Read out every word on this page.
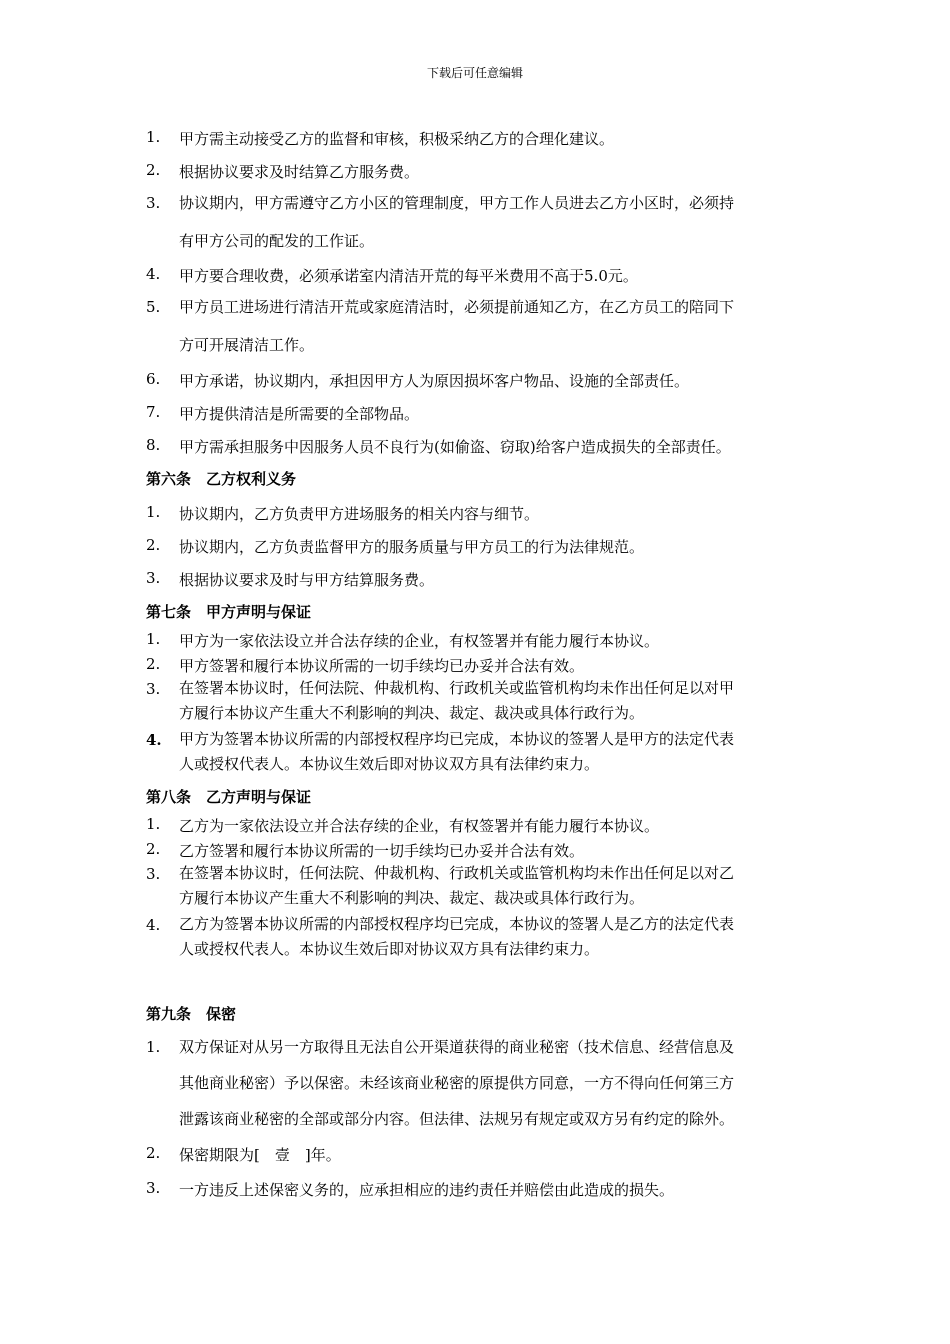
下载后可任意编辑
1. 甲方需主动接受乙方的监督和审核，积极采纳乙方的合理化建议。
2. 根据协议要求及时结算乙方服务费。
3. 协议期内，甲方需遵守乙方小区的管理制度，甲方工作人员进去乙方小区时，必须持
有甲方公司的配发的工作证。
4. 甲方要合理收费，必须承诺室内清洁开荒的每平米费用不高于5.0元。
5. 甲方员工进场进行清洁开荒或家庭清洁时，必须提前通知乙方，在乙方员工的陪同下
方可开展清洁工作。
6. 甲方承诺，协议期内，承担因甲方人为原因损坏客户物品、设施的全部责任。
7. 甲方提供清洁是所需要的全部物品。
8. 甲方需承担服务中因服务人员不良行为(如偷盗、窃取)给客户造成损失的全部责任。
第六条　乙方权利义务
1. 协议期内，乙方负责甲方进场服务的相关内容与细节。
2. 协议期内，乙方负责监督甲方的服务质量与甲方员工的行为法律规范。
3. 根据协议要求及时与甲方结算服务费。
第七条　甲方声明与保证
1. 甲方为一家依法设立并合法存续的企业，有权签署并有能力履行本协议。
2. 甲方签署和履行本协议所需的一切手续均已办妥并合法有效。
3. 在签署本协议时，任何法院、仲裁机构、行政机关或监管机构均未作出任何足以对甲
方履行本协议产生重大不利影响的判决、裁定、裁决或具体行政行为。
4. 甲方为签署本协议所需的内部授权程序均已完成，本协议的签署人是甲方的法定代表
人或授权代表人。本协议生效后即对协议双方具有法律约束力。
第八条　乙方声明与保证
1. 乙方为一家依法设立并合法存续的企业，有权签署并有能力履行本协议。
2. 乙方签署和履行本协议所需的一切手续均已办妥并合法有效。
3. 在签署本协议时，任何法院、仲裁机构、行政机关或监管机构均未作出任何足以对乙
方履行本协议产生重大不利影响的判决、裁定、裁决或具体行政行为。
4. 乙方为签署本协议所需的内部授权程序均已完成，本协议的签署人是乙方的法定代表
人或授权代表人。本协议生效后即对协议双方具有法律约束力。
第九条　保密
1. 双方保证对从另一方取得且无法自公开渠道获得的商业秘密（技术信息、经营信息及
其他商业秘密）予以保密。未经该商业秘密的原提供方同意，一方不得向任何第三方
泄露该商业秘密的全部或部分内容。但法律、法规另有规定或双方另有约定的除外。
2. 保密期限为[　壹　]年。
3. 一方违反上述保密义务的，应承担相应的违约责任并赔偿由此造成的损失。
